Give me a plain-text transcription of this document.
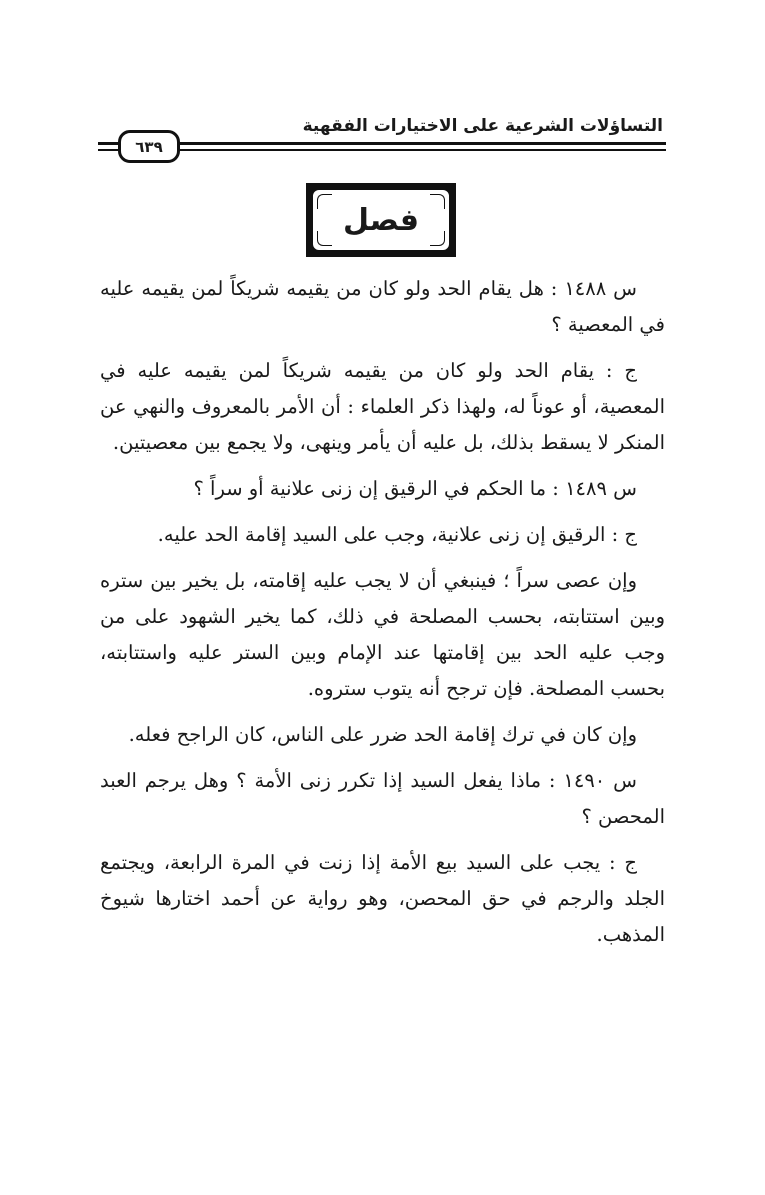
التساؤلات الشرعية على الاختيارات الفقهية
٦٣٩
فصل

س ١٤٨٨ : هل يقام الحد ولو كان من يقيمه شريكاً لمن يقيمه عليه في المعصية ؟

ج : يقام الحد ولو كان من يقيمه شريكاً لمن يقيمه عليه في المعصية، أو عوناً له، ولهذا ذكر العلماء : أن الأمر بالمعروف والنهي عن المنكر لا يسقط بذلك، بل عليه أن يأمر وينهى، ولا يجمع بين معصيتين.

س ١٤٨٩ : ما الحكم في الرقيق إن زنى علانية أو سراً ؟

ج : الرقيق إن زنى علانية، وجب على السيد إقامة الحد عليه.

وإن عصى سراً ؛ فينبغي أن لا يجب عليه إقامته، بل يخير بين ستره وبين استتابته، بحسب المصلحة في ذلك، كما يخير الشهود على من وجب عليه الحد بين إقامتها عند الإمام وبين الستر عليه واستتابته، بحسب المصلحة. فإن ترجح أنه يتوب ستروه.

وإن كان في ترك إقامة الحد ضرر على الناس، كان الراجح فعله.

س ١٤٩٠ : ماذا يفعل السيد إذا تكرر زنى الأمة ؟ وهل يرجم العبد المحصن ؟

ج : يجب على السيد بيع الأمة إذا زنت في المرة الرابعة، ويجتمع الجلد والرجم في حق المحصن، وهو رواية عن أحمد اختارها شيوخ المذهب.
